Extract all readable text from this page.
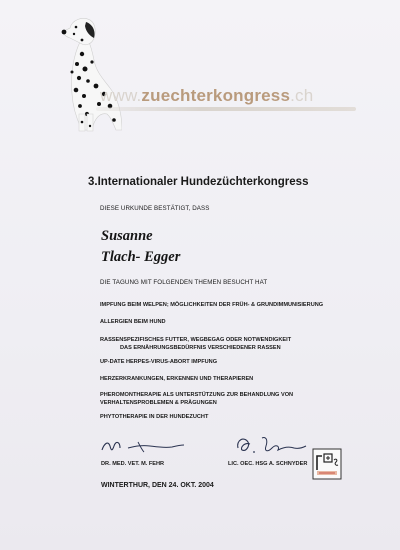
www.zuechterkongress.ch
3.Internationaler Hundezüchterkongress
DIESE URKUNDE BESTÄTIGT, DASS
Susanne
Tlach- Egger
DIE TAGUNG MIT FOLGENDEN THEMEN BESUCHT HAT
IMPFUNG BEIM WELPEN; MÖGLICHKEITEN DER FRÜH- & GRUNDIMMUNISIERUNG
ALLERGIEN BEIM HUND
RASSENSPEZIFISCHES FUTTER, WEGBEGAG ODER NOTWENDIGKEIT
DAS ERNÄHRUNGSBEDÜRFNIS VERSCHIEDENER RASSEN
UP-DATE HERPES-VIRUS-ABORT IMPFUNG
HERZERKRANKUNGEN, ERKENNEN UND THERAPIEREN
PHEROMONTHERAPIE ALS UNTERSTÜTZUNG ZUR BEHANDLUNG VON
VERHALTENSPROBLEMEN & PRÄGUNGEN
PHYTOTHERAPIE IN DER HUNDEZUCHT
DR. MED. VET. M. FEHR	LIC. OEC. HSG A. SCHNYDER
WINTERTHUR, DEN 24. OKT. 2004
